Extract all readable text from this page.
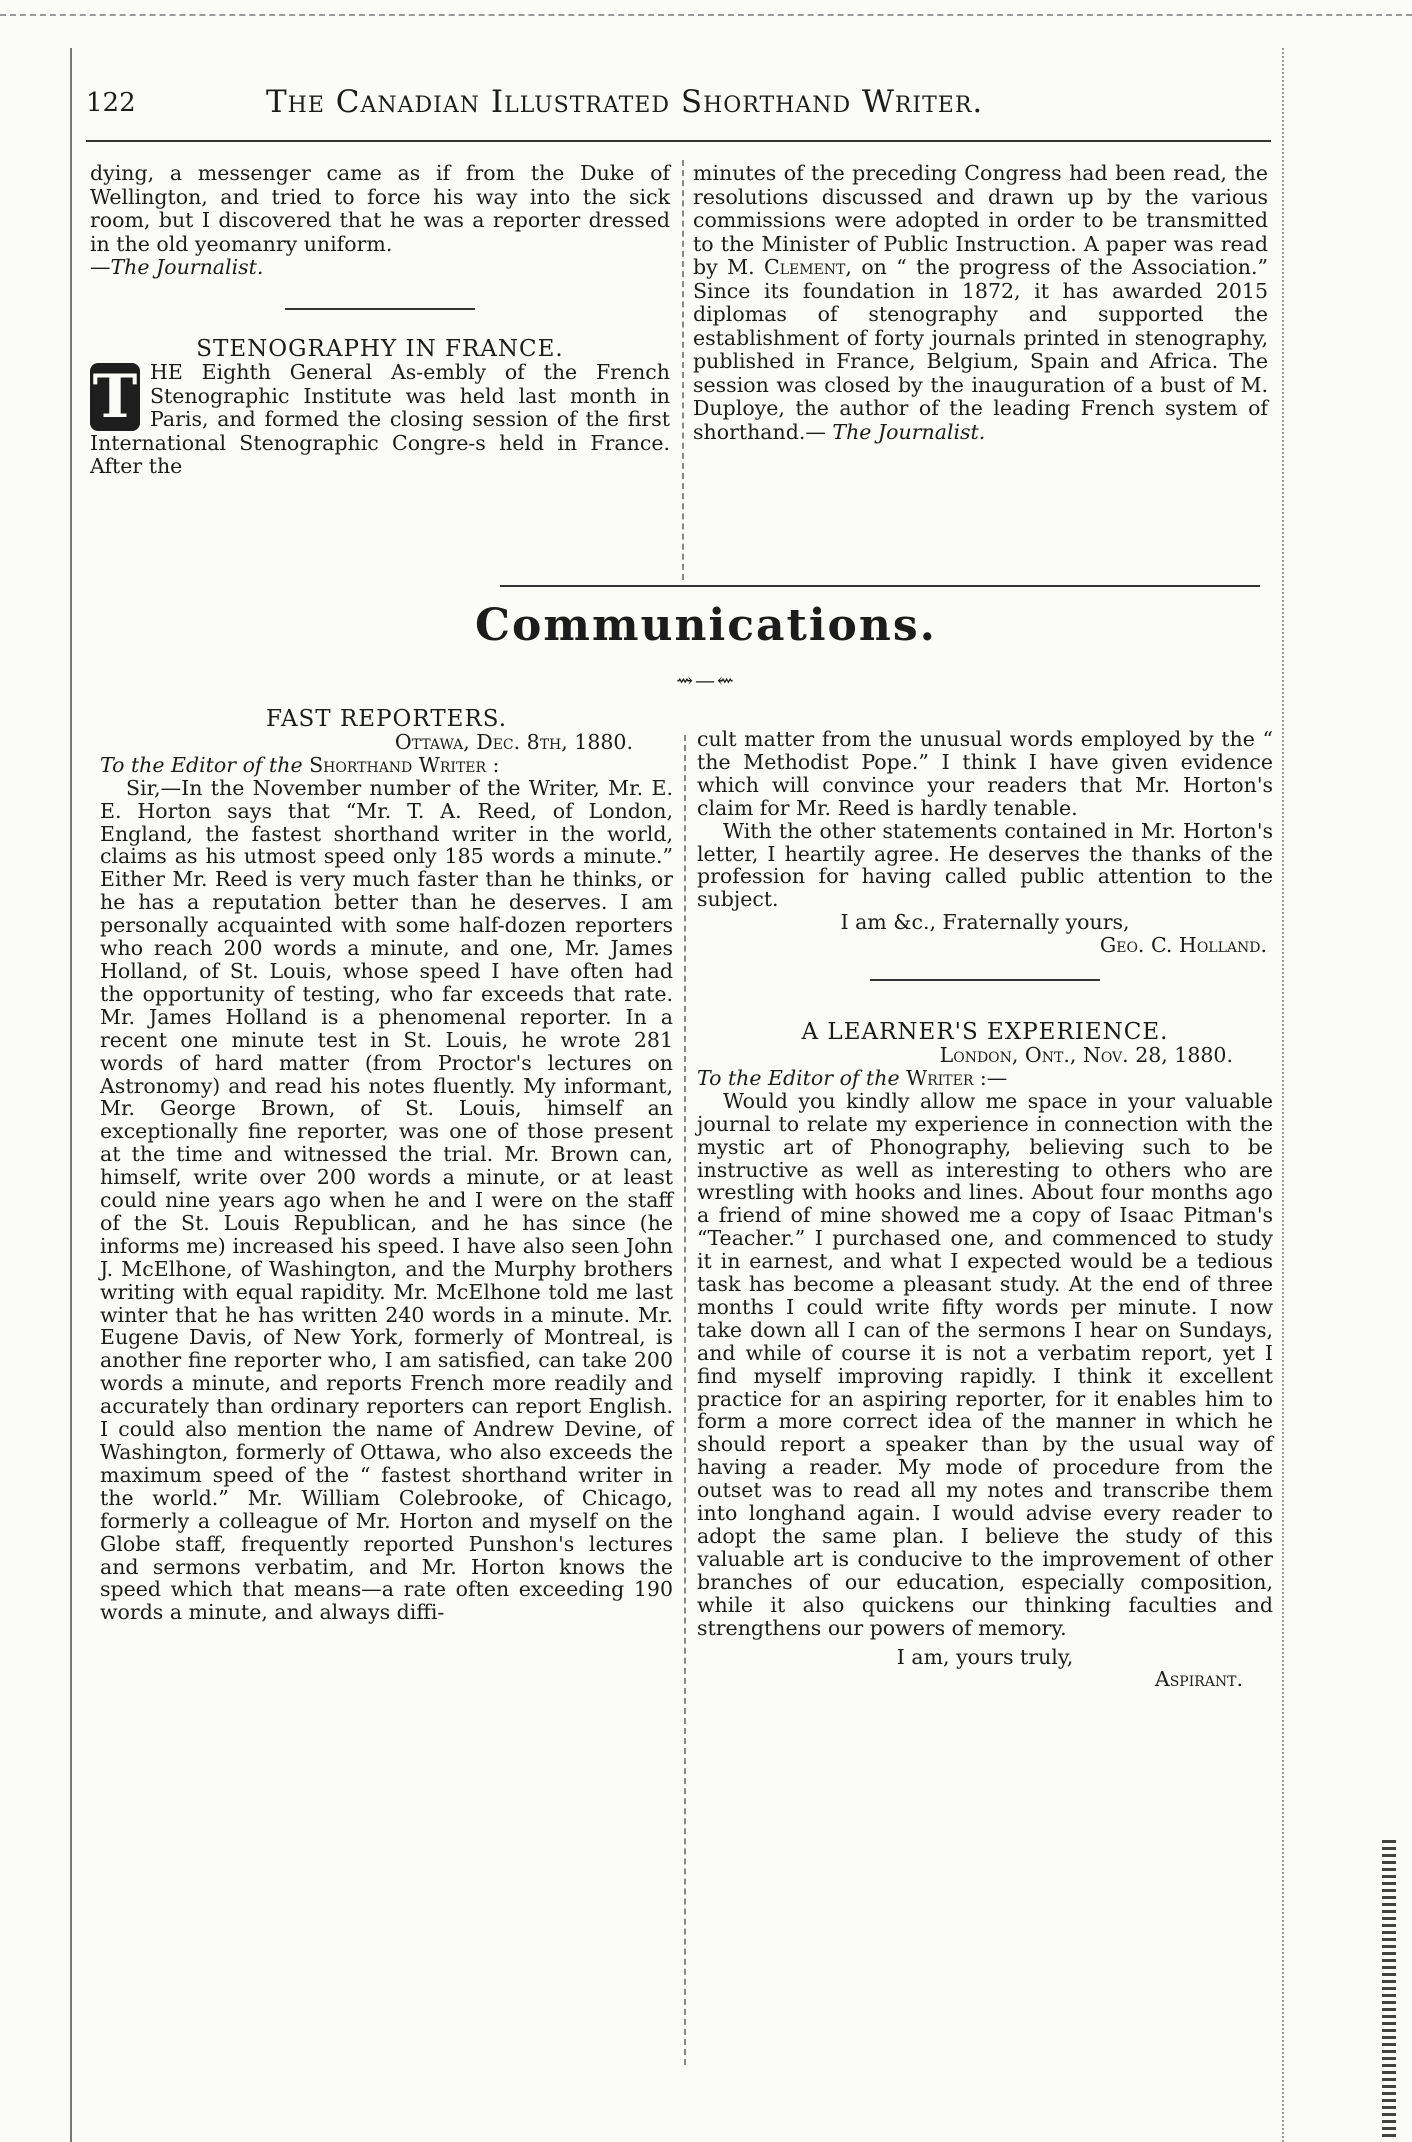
122	The Canadian Illustrated Shorthand Writer.

dying, a messenger came as if from the Duke of Wellington, and tried to force his way into the sick room, but I discovered that he was a reporter dressed in the old yeomanry uniform.

—The Journalist.

STENOGRAPHY IN FRANCE.

T HE Eighth General As-embly of the French Stenographic Institute was held last month in Paris, and formed the closing session of the first International Stenographic Congre-s held in France. After the

minutes of the preceding Congress had been read, the resolutions discussed and drawn up by the various commissions were adopted in order to be transmitted to the Minister of Public Instruction. A paper was read by M. Clement, on “ the progress of the Association.” Since its foundation in 1872, it has awarded 2015 diplomas of stenography and supported the establishment of forty journals printed in stenography, published in France, Belgium, Spain and Africa. The session was closed by the inauguration of a bust of M. Duploye, the author of the leading French system of shorthand.— The Journalist.

Communications.
⇝—⇜

FAST REPORTERS.

Ottawa, Dec. 8th, 1880.

To the Editor of the Shorthand Writer :

Sir,—In the November number of the Writer, Mr. E. E. Horton says that “Mr. T. A. Reed, of London, England, the fastest shorthand writer in the world, claims as his utmost speed only 185 words a minute.” Either Mr. Reed is very much faster than he thinks, or he has a reputation better than he deserves. I am personally acquainted with some half-dozen reporters who reach 200 words a minute, and one, Mr. James Holland, of St. Louis, whose speed I have often had the opportunity of testing, who far exceeds that rate. Mr. James Holland is a phenomenal reporter. In a recent one minute test in St. Louis, he wrote 281 words of hard matter (from Proctor's lectures on Astronomy) and read his notes fluently. My informant, Mr. George Brown, of St. Louis, himself an exceptionally fine reporter, was one of those present at the time and witnessed the trial. Mr. Brown can, himself, write over 200 words a minute, or at least could nine years ago when he and I were on the staff of the St. Louis Republican, and he has since (he informs me) increased his speed. I have also seen John J. McElhone, of Washington, and the Murphy brothers writing with equal rapidity. Mr. McElhone told me last winter that he has written 240 words in a minute. Mr. Eugene Davis, of New York, formerly of Montreal, is another fine reporter who, I am satisfied, can take 200 words a minute, and reports French more readily and accurately than ordinary reporters can report English. I could also mention the name of Andrew Devine, of Washington, formerly of Ottawa, who also exceeds the maximum speed of the “ fastest shorthand writer in the world.” Mr. William Colebrooke, of Chicago, formerly a colleague of Mr. Horton and myself on the Globe staff, frequently reported Punshon's lectures and sermons verbatim, and Mr. Horton knows the speed which that means—a rate often exceeding 190 words a minute, and always diffi-

cult matter from the unusual words employed by the “ the Methodist Pope.” I think I have given evidence which will convince your readers that Mr. Horton's claim for Mr. Reed is hardly tenable.

With the other statements contained in Mr. Horton's letter, I heartily agree. He deserves the thanks of the profession for having called public attention to the subject.

I am &c., Fraternally yours,

Geo. C. Holland.

A LEARNER'S EXPERIENCE.

London, Ont., Nov. 28, 1880.

To the Editor of the Writer :—

Would you kindly allow me space in your valuable journal to relate my experience in connection with the mystic art of Phonography, believing such to be instructive as well as interesting to others who are wrestling with hooks and lines. About four months ago a friend of mine showed me a copy of Isaac Pitman's “Teacher.” I purchased one, and commenced to study it in earnest, and what I expected would be a tedious task has become a pleasant study. At the end of three months I could write fifty words per minute. I now take down all I can of the sermons I hear on Sundays, and while of course it is not a verbatim report, yet I find myself improving rapidly. I think it excellent practice for an aspiring reporter, for it enables him to form a more correct idea of the manner in which he should report a speaker than by the usual way of having a reader. My mode of procedure from the outset was to read all my notes and transcribe them into longhand again. I would advise every reader to adopt the same plan. I believe the study of this valuable art is conducive to the improvement of other branches of our education, especially composition, while it also quickens our thinking faculties and strengthens our powers of memory.

I am, yours truly,

Aspirant.
